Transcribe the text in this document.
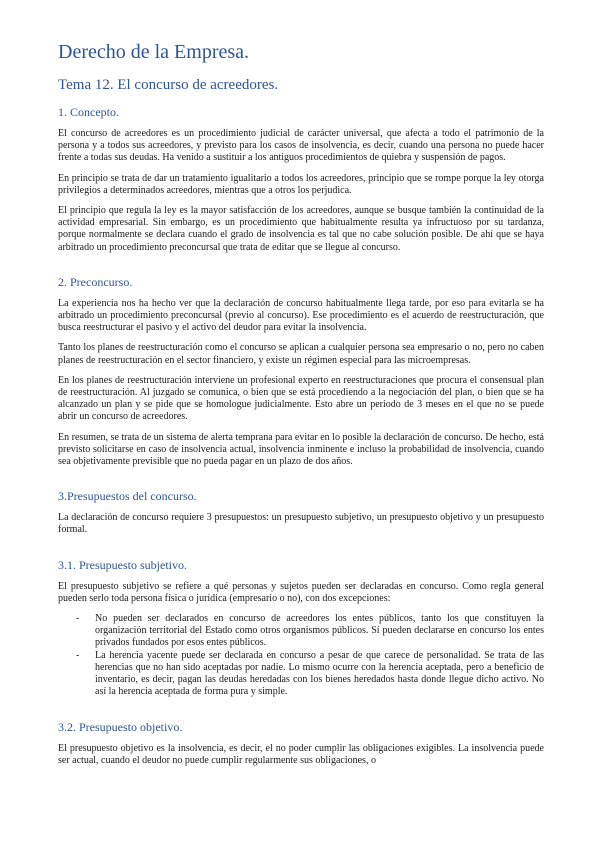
Derecho de la Empresa.
Tema 12. El concurso de acreedores.
1. Concepto.

El concurso de acreedores es un procedimiento judicial de carácter universal, que afecta a todo el patrimonio de la persona y a todos sus acreedores, y previsto para los casos de insolvencia, es decir, cuando una persona no puede hacer frente a todas sus deudas. Ha venido a sustituir a los antiguos procedimientos de quiebra y suspensión de pagos.

En principio se trata de dar un tratamiento igualitario a todos los acreedores, principio que se rompe porque la ley otorga privilegios a determinados acreedores, mientras que a otros los perjudica.

El principio que regula la ley es la mayor satisfacción de los acreedores, aunque se busque también la continuidad de la actividad empresarial. Sin embargo, es un procedimiento que habitualmente resulta ya infructuoso por su tardanza, porque normalmente se declara cuando el grado de insolvencia es tal que no cabe solución posible. De ahí que se haya arbitrado un procedimiento preconcursal que trata de editar que se llegue al concurso.

2. Preconcurso.

La experiencia nos ha hecho ver que la declaración de concurso habitualmente llega tarde, por eso para evitarla se ha arbitrado un procedimiento preconcursal (previo al concurso). Ese procedimiento es el acuerdo de reestructuración, que busca reestructurar el pasivo y el activo del deudor para evitar la insolvencia.

Tanto los planes de reestructuración como el concurso se aplican a cualquier persona sea empresario o no, pero no caben planes de reestructuración en el sector financiero, y existe un régimen especial para las microempresas.

En los planes de reestructuración interviene un profesional experto en reestructuraciones que procura el consensual plan de reestructuración. Al juzgado se comunica, o bien que se está procediendo a la negociación del plan, o bien que se ha alcanzado un plan y se pide que se homologue judicialmente. Esto abre un periodo de 3 meses en el que no se puede abrir un concurso de acreedores.

En resumen, se trata de un sistema de alerta temprana para evitar en lo posible la declaración de concurso. De hecho, está previsto solicitarse en caso de insolvencia actual, insolvencia inminente e incluso la probabilidad de insolvencia, cuando sea objetivamente previsible que no pueda pagar en un plazo de dos años.

3.Presupuestos del concurso.

La declaración de concurso requiere 3 presupuestos: un presupuesto subjetivo, un presupuesto objetivo y un presupuesto formal.

3.1. Presupuesto subjetivo.

El presupuesto subjetivo se refiere a qué personas y sujetos pueden ser declaradas en concurso. Como regla general pueden serlo toda persona física o jurídica (empresario o no), con dos excepciones:

- No pueden ser declarados en concurso de acreedores los entes públicos, tanto los que constituyen la organización territorial del Estado como otros organismos públicos. Sí pueden declararse en concurso los entes privados fundados por esos entes públicos.
- La herencia yacente puede ser declarada en concurso a pesar de que carece de personalidad. Se trata de las herencias que no han sido aceptadas por nadie. Lo mismo ocurre con la herencia aceptada, pero a beneficio de inventario, es decir, pagan las deudas heredadas con los bienes heredados hasta donde llegue dicho activo. No así la herencia aceptada de forma pura y simple.
3.2. Presupuesto objetivo.

El presupuesto objetivo es la insolvencia, es decir, el no poder cumplir las obligaciones exigibles. La insolvencia puede ser actual, cuando el deudor no puede cumplir regularmente sus obligaciones, o
